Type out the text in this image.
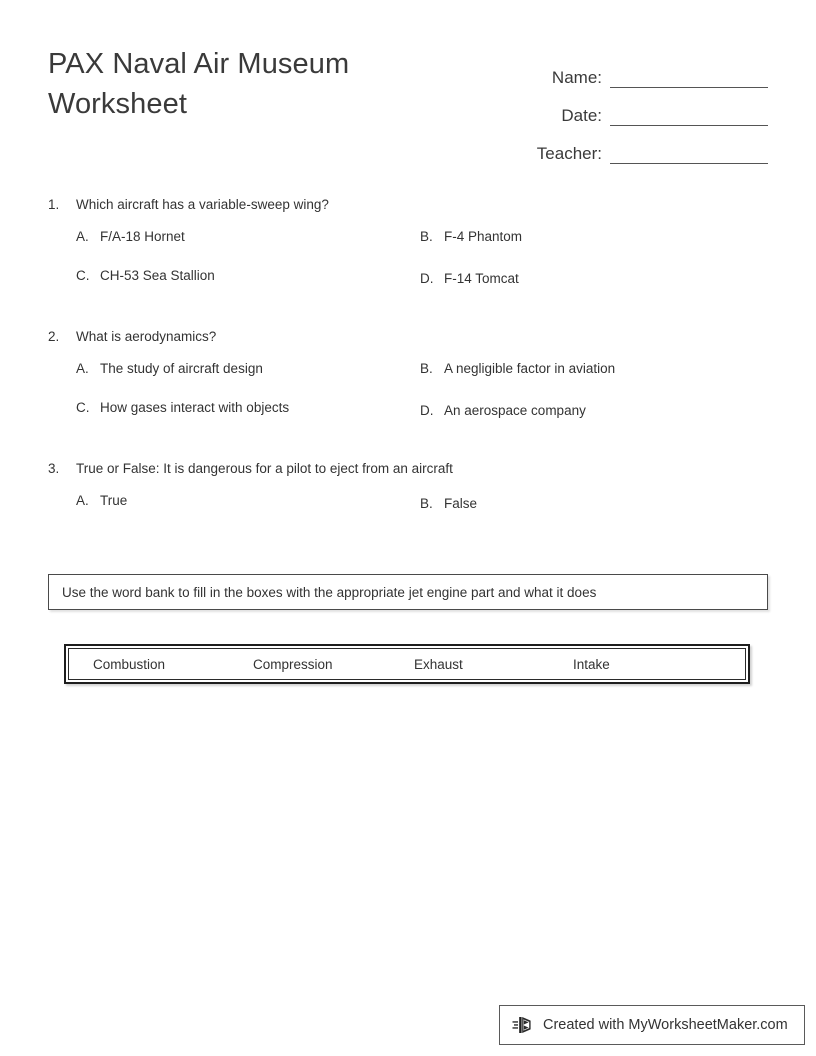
PAX Naval Air Museum Worksheet
Name:
Date:
Teacher:
1.	Which aircraft has a variable-sweep wing?
A. F/A-18 Hornet	B. F-4 Phantom
C. CH-53 Sea Stallion	D. F-14 Tomcat
2.	What is aerodynamics?
A. The study of aircraft design	B. A negligible factor in aviation
C. How gases interact with objects	D. An aerospace company
3.	True or False: It is dangerous for a pilot to eject from an aircraft
A. True	B. False
Use the word bank to fill in the boxes with the appropriate jet engine part and what it does
Combustion	Compression	Exhaust	Intake
Created with MyWorksheetMaker.com
